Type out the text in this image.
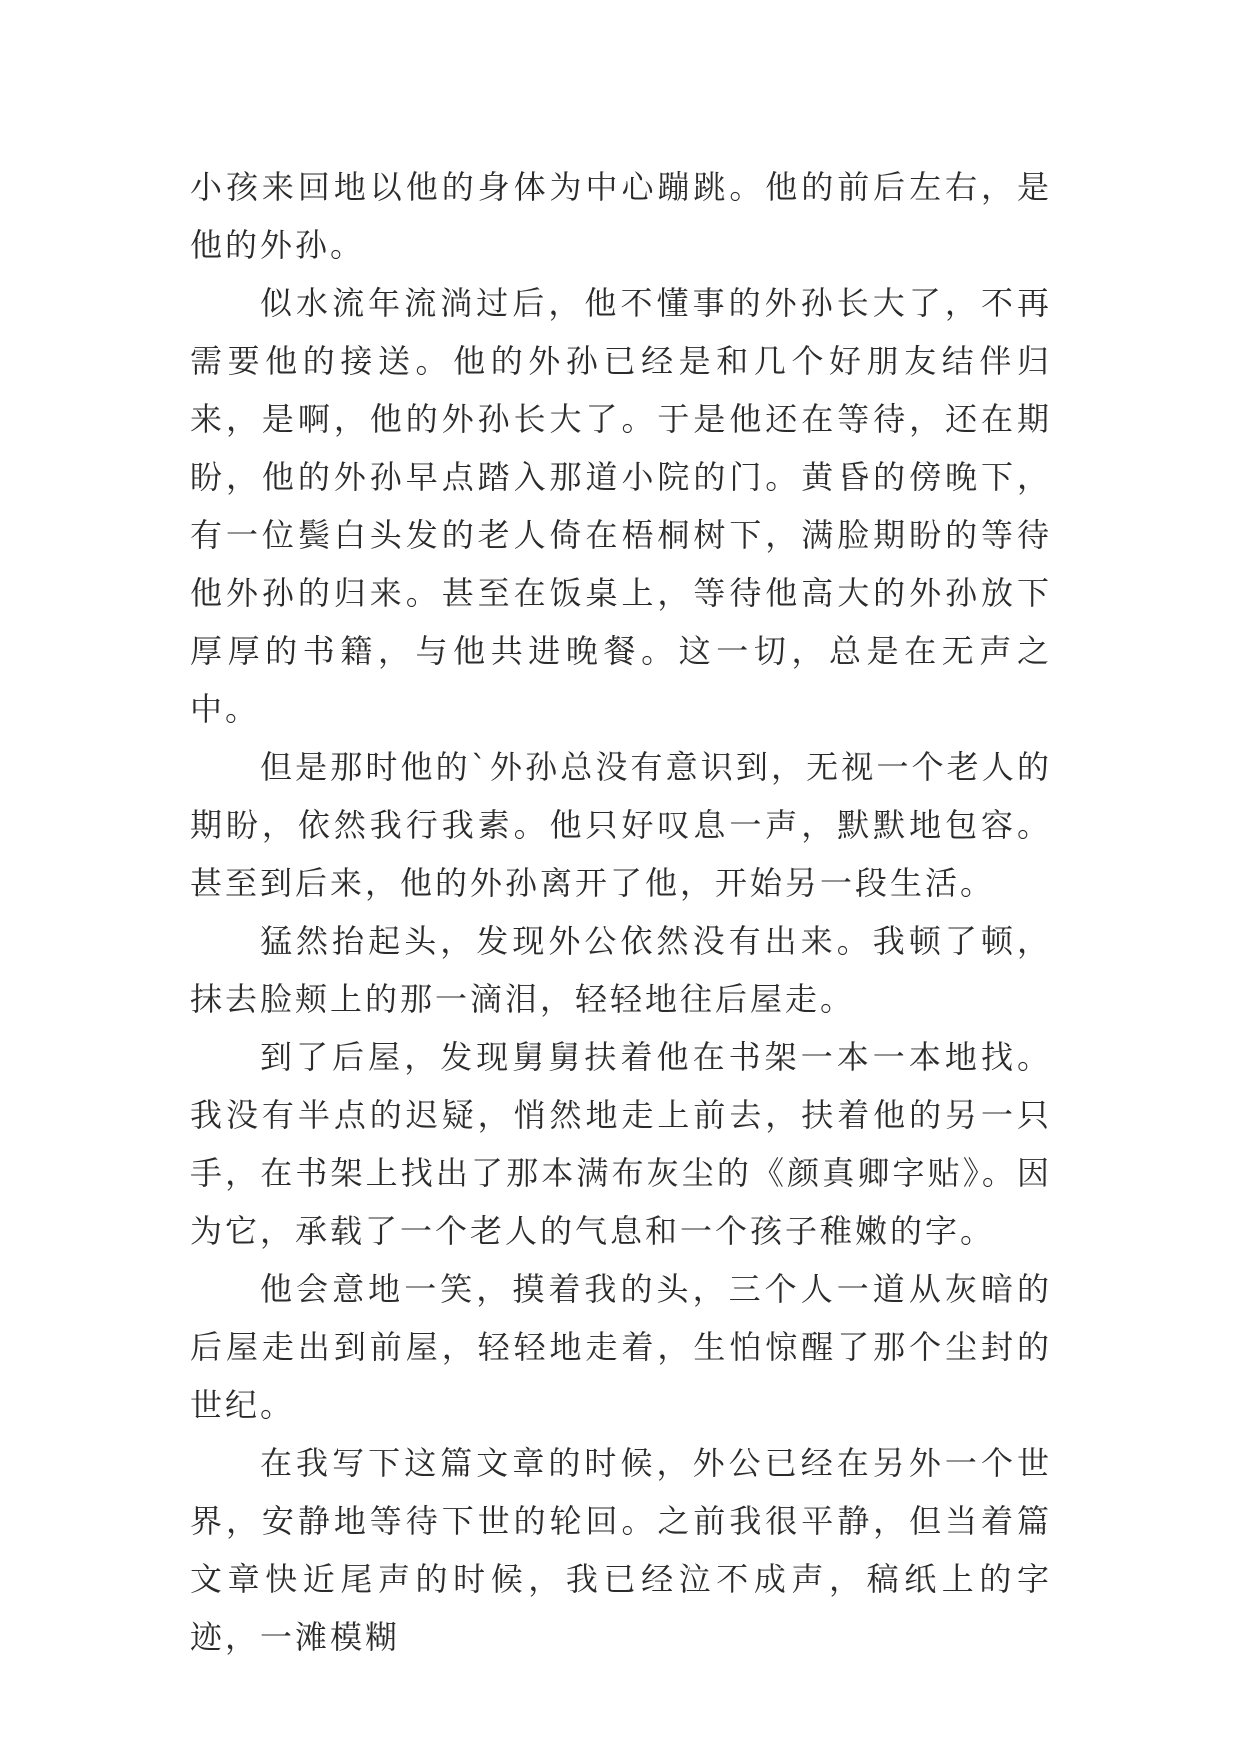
小孩来回地以他的身体为中心蹦跳。他的前后左右，是他的外孙。

似水流年流淌过后，他不懂事的外孙长大了，不再需要他的接送。他的外孙已经是和几个好朋友结伴归来，是啊，他的外孙长大了。于是他还在等待，还在期盼，他的外孙早点踏入那道小院的门。黄昏的傍晚下，有一位鬓白头发的老人倚在梧桐树下，满脸期盼的等待他外孙的归来。甚至在饭桌上，等待他高大的外孙放下厚厚的书籍，与他共进晚餐。这一切，总是在无声之中。

但是那时他的`外孙总没有意识到，无视一个老人的期盼，依然我行我素。他只好叹息一声，默默地包容。甚至到后来，他的外孙离开了他，开始另一段生活。

猛然抬起头，发现外公依然没有出来。我顿了顿，抹去脸颊上的那一滴泪，轻轻地往后屋走。

到了后屋，发现舅舅扶着他在书架一本一本地找。我没有半点的迟疑，悄然地走上前去，扶着他的另一只手，在书架上找出了那本满布灰尘的《颜真卿字贴》。因为它，承载了一个老人的气息和一个孩子稚嫩的字。

他会意地一笑，摸着我的头，三个人一道从灰暗的后屋走出到前屋，轻轻地走着，生怕惊醒了那个尘封的世纪。

在我写下这篇文章的时候，外公已经在另外一个世界，安静地等待下世的轮回。之前我很平静，但当着篇文章快近尾声的时候，我已经泣不成声，稿纸上的字迹，一滩模糊
